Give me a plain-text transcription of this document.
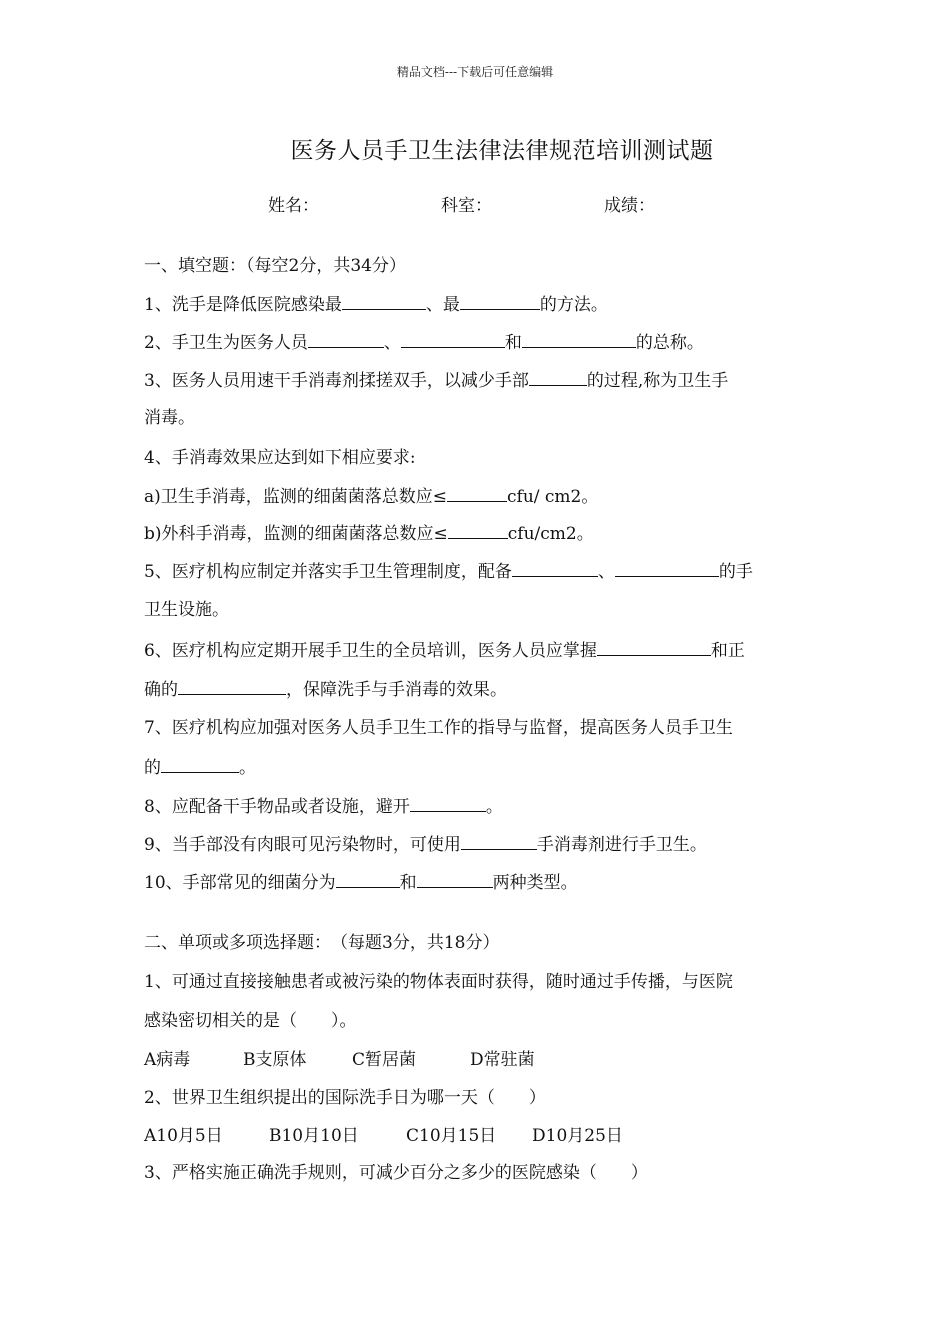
精品文档---下载后可任意编辑
医务人员手卫生法律法律规范培训测试题
姓名：	科室：	成绩：
一、填空题：（每空2分，共34分）
1、洗手是降低医院感染最	、最	的方法。
2、手卫生为医务人员	、	和	的总称。
3、医务人员用速干手消毒剂揉搓双手，以减少手部	的过程,称为卫生手
消毒。
4、手消毒效果应达到如下相应要求:
a)卫生手消毒，监测的细菌菌落总数应≤	cfu/ cm2。
b)外科手消毒，监测的细菌菌落总数应≤	cfu/cm2。
5、医疗机构应制定并落实手卫生管理制度，配备	、	的手
卫生设施。
6、医疗机构应定期开展手卫生的全员培训，医务人员应掌握	和正
确的	，保障洗手与手消毒的效果。
7、医疗机构应加强对医务人员手卫生工作的指导与监督，提高医务人员手卫生
的	。
8、应配备干手物品或者设施，避开	。
9、当手部没有肉眼可见污染物时，可使用	手消毒剂进行手卫生。
10、手部常见的细菌分为	和	两种类型。
二、单项或多项选择题：　（每题3分，共18分）
1、可通过直接接触患者或被污染的物体表面时获得，随时通过手传播，与医院
感染密切相关的是（　　）。
A病毒	B支原体	C暂居菌	D常驻菌
2、世界卫生组织提出的国际洗手日为哪一天（　　）
A10月5日	B10月10日	C10月15日 D10月25日
3、严格实施正确洗手规则，可减少百分之多少的医院感染（　　）
